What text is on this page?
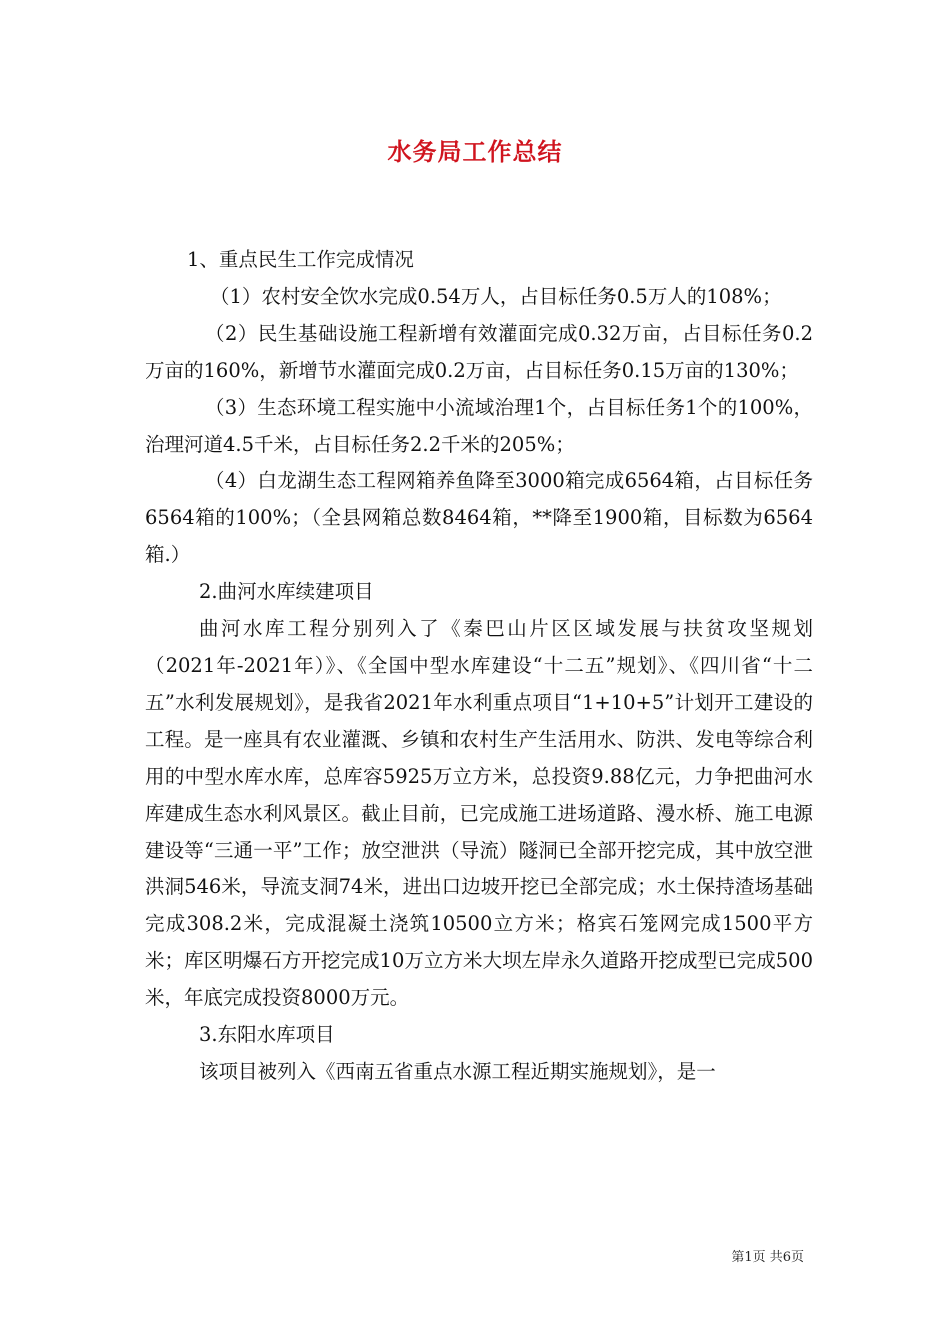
水务局工作总结

1、重点民生工作完成情况

（1）农村安全饮水完成0.54万人，占目标任务0.5万人的108%；

（2）民生基础设施工程新增有效灌面完成0.32万亩，占目标任务0.2万亩的160%，新增节水灌面完成0.2万亩，占目标任务0.15万亩的130%；

（3）生态环境工程实施中小流域治理1个，占目标任务1个的100%，治理河道4.5千米，占目标任务2.2千米的205%；

（4）白龙湖生态工程网箱养鱼降至3000箱完成6564箱，占目标任务6564箱的100%；（全县网箱总数8464箱，**降至1900箱，目标数为6564箱.）

2.曲河水库续建项目

曲河水库工程分别列入了《秦巴山片区区域发展与扶贫攻坚规划（2021年-2021年）》、《全国中型水库建设“十二五”规划》、《四川省“十二五”水利发展规划》，是我省2021年水利重点项目“1+10+5”计划开工建设的工程。是一座具有农业灌溉、乡镇和农村生产生活用水、防洪、发电等综合利用的中型水库水库，总库容5925万立方米，总投资9.88亿元，力争把曲河水库建成生态水利风景区。截止目前，已完成施工进场道路、漫水桥、施工电源建设等“三通一平”工作；放空泄洪（导流）隧洞已全部开挖完成，其中放空泄洪洞546米，导流支洞74米，进出口边坡开挖已全部完成；水土保持渣场基础完成308.2米，完成混凝土浇筑10500立方米；格宾石笼网完成1500平方米；库区明爆石方开挖完成10万立方米大坝左岸永久道路开挖成型已完成500米，年底完成投资8000万元。

3.东阳水库项目

该项目被列入《西南五省重点水源工程近期实施规划》，是一

第1页 共6页
